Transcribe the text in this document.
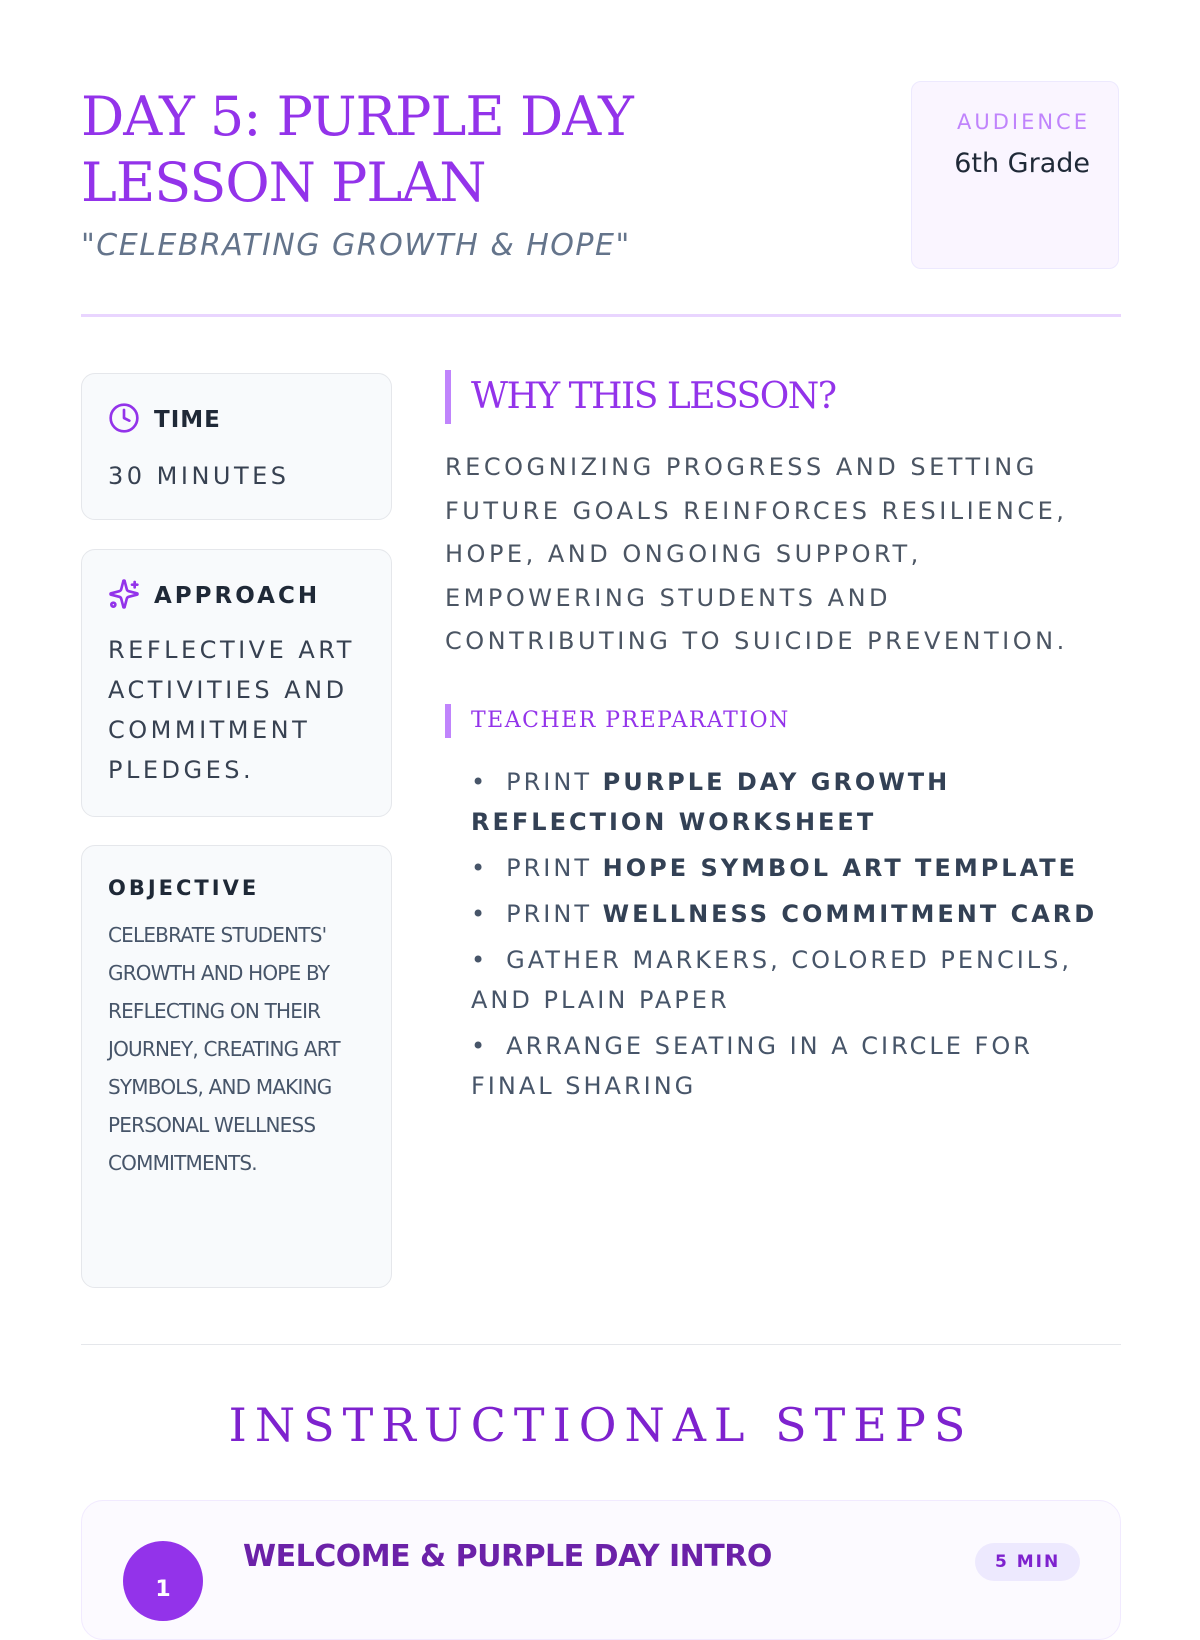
DAY 5: PURPLE DAY LESSON PLAN
"CELEBRATING GROWTH & HOPE"
AUDIENCE
6th Grade
TIME
30 MINUTES
APPROACH
REFLECTIVE ART ACTIVITIES AND COMMITMENT PLEDGES.
OBJECTIVE
CELEBRATE STUDENTS' GROWTH AND HOPE BY REFLECTING ON THEIR JOURNEY, CREATING ART SYMBOLS, AND MAKING PERSONAL WELLNESS COMMITMENTS.
WHY THIS LESSON?
RECOGNIZING PROGRESS AND SETTING FUTURE GOALS REINFORCES RESILIENCE, HOPE, AND ONGOING SUPPORT, EMPOWERING STUDENTS AND CONTRIBUTING TO SUICIDE PREVENTION.
TEACHER PREPARATION
• PRINT PURPLE DAY GROWTH REFLECTION WORKSHEET
• PRINT HOPE SYMBOL ART TEMPLATE
• PRINT WELLNESS COMMITMENT CARD
• GATHER MARKERS, COLORED PENCILS, AND PLAIN PAPER
• ARRANGE SEATING IN A CIRCLE FOR FINAL SHARING
INSTRUCTIONAL STEPS
1
WELCOME & PURPLE DAY INTRO	5 MIN
